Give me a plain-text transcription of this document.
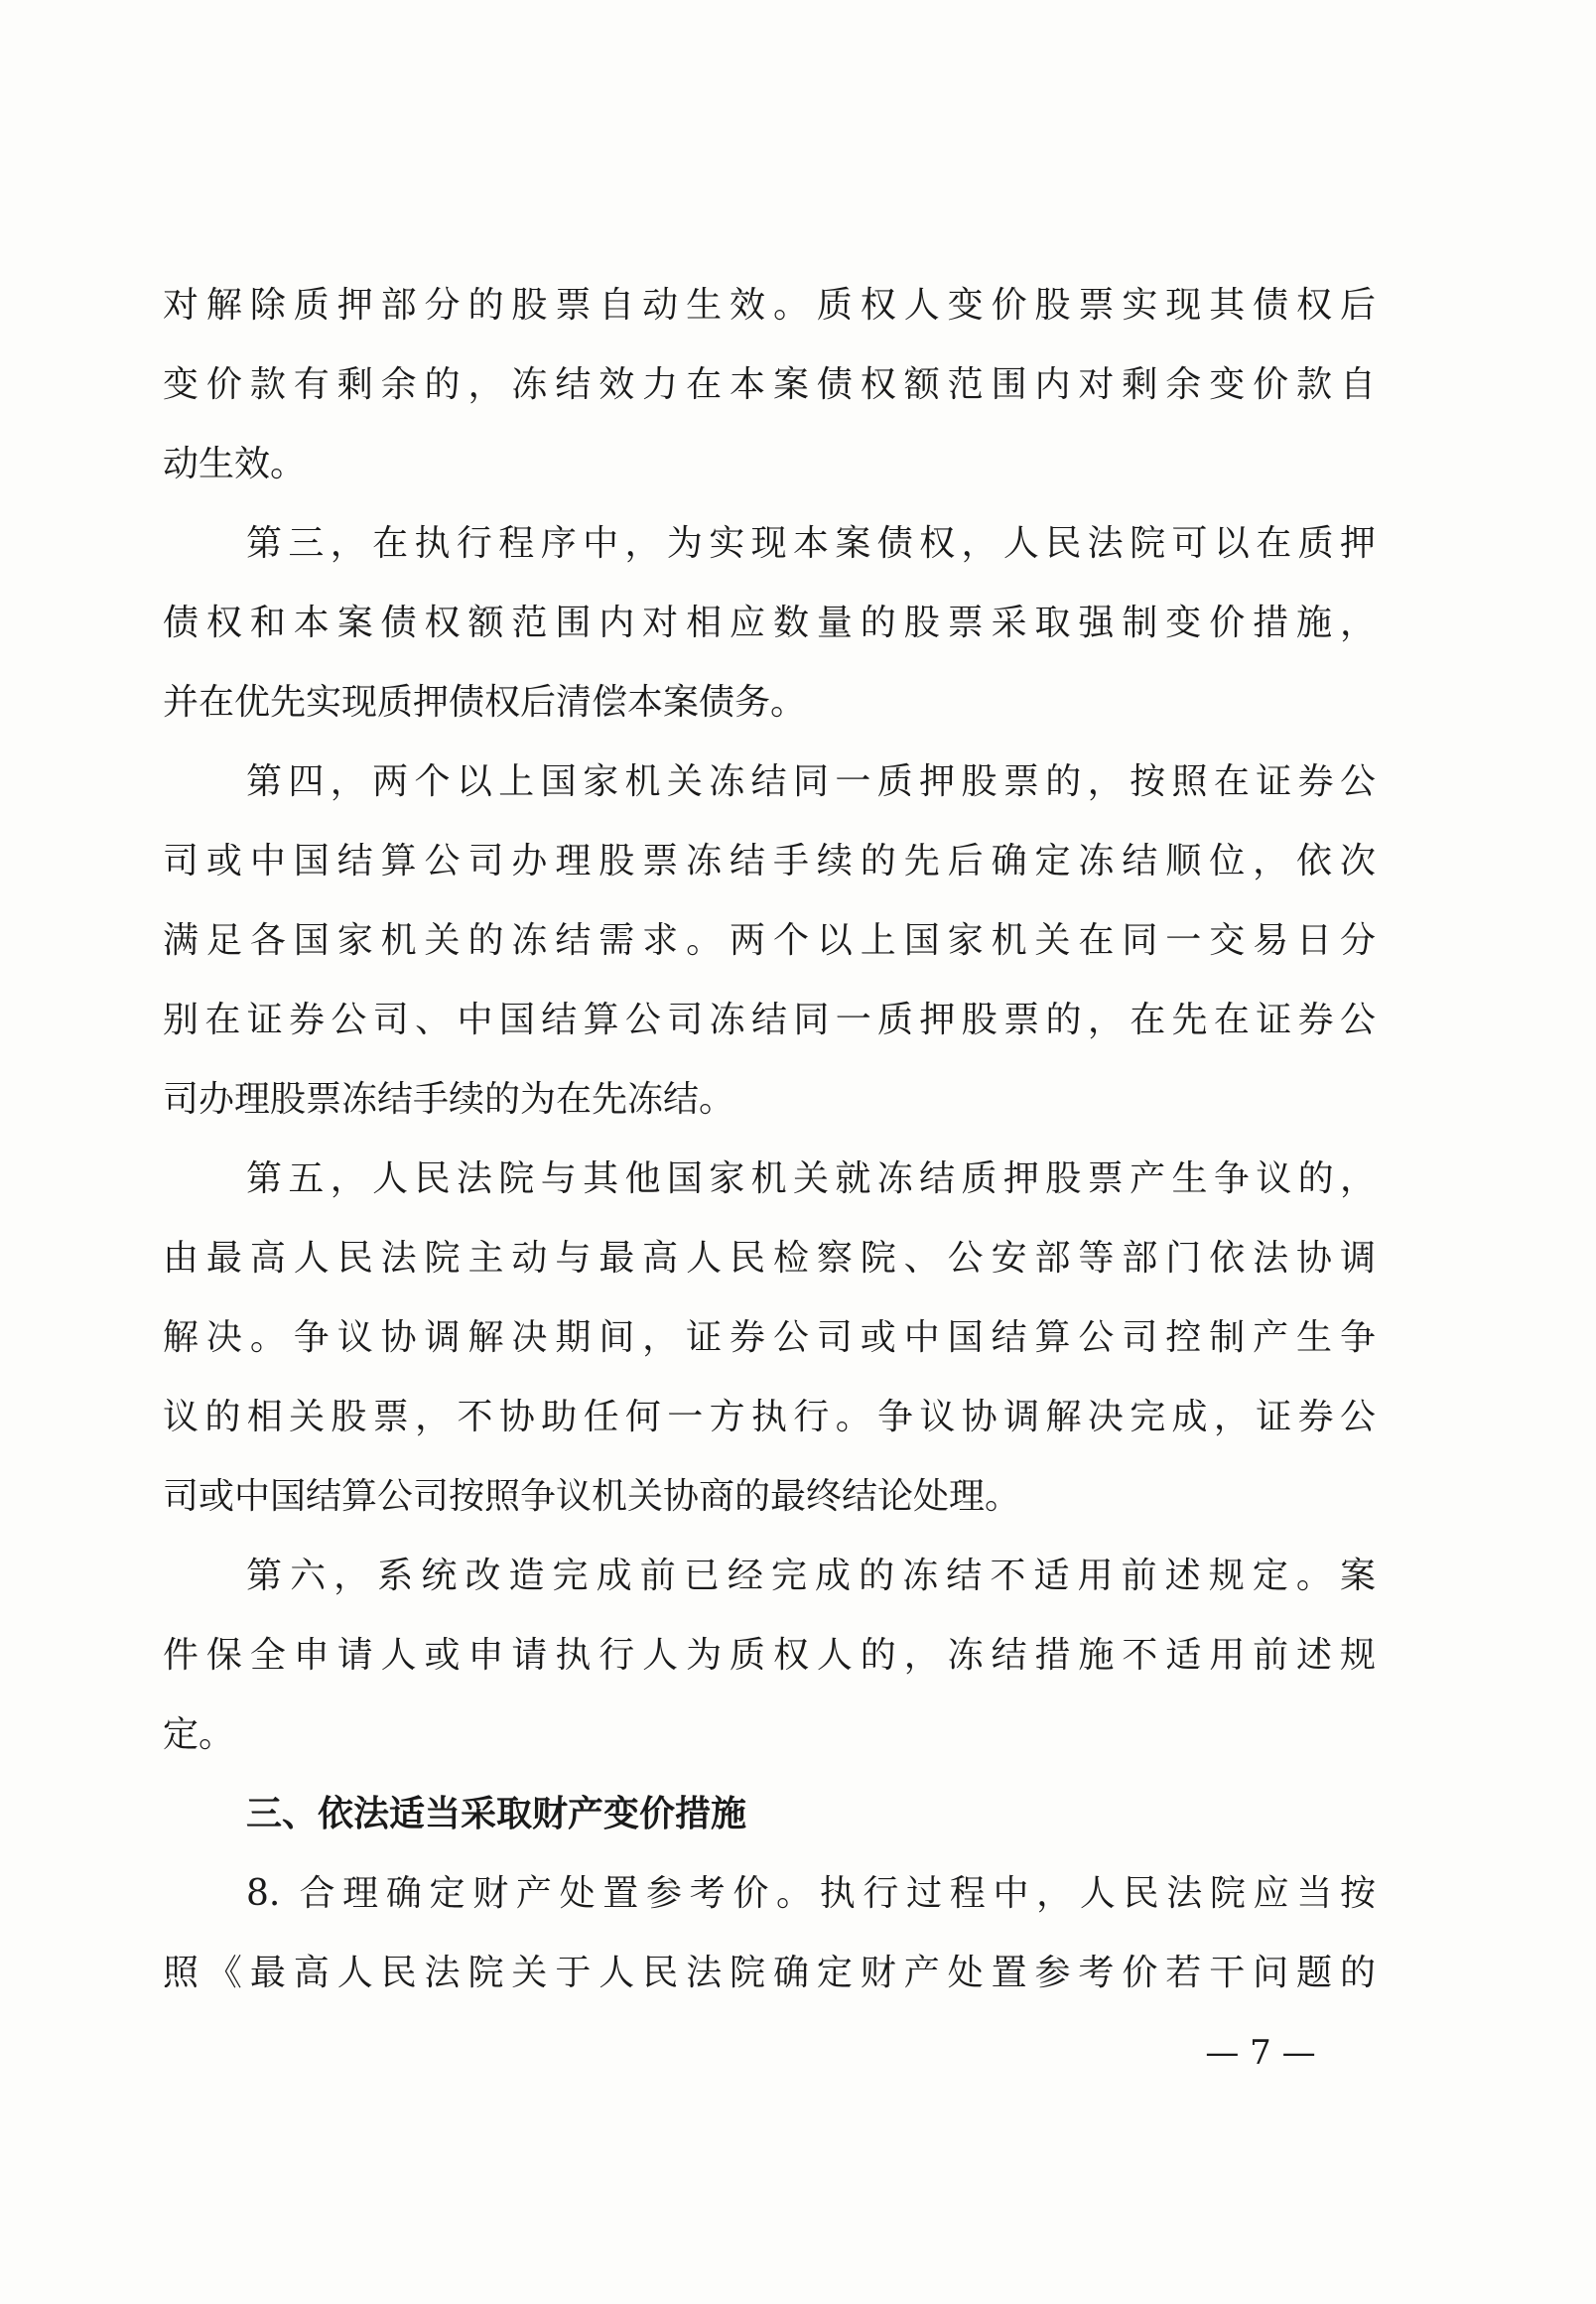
对解除质押部分的股票自动生效。质权人变价股票实现其债权后
变价款有剩余的，冻结效力在本案债权额范围内对剩余变价款自
动生效。
第三，在执行程序中，为实现本案债权，人民法院可以在质押
债权和本案债权额范围内对相应数量的股票采取强制变价措施，
并在优先实现质押债权后清偿本案债务。
第四，两个以上国家机关冻结同一质押股票的，按照在证券公
司或中国结算公司办理股票冻结手续的先后确定冻结顺位，依次
满足各国家机关的冻结需求。两个以上国家机关在同一交易日分
别在证券公司、中国结算公司冻结同一质押股票的，在先在证券公
司办理股票冻结手续的为在先冻结。
第五，人民法院与其他国家机关就冻结质押股票产生争议的，
由最高人民法院主动与最高人民检察院、公安部等部门依法协调
解决。争议协调解决期间，证券公司或中国结算公司控制产生争
议的相关股票，不协助任何一方执行。争议协调解决完成，证券公
司或中国结算公司按照争议机关协商的最终结论处理。
第六，系统改造完成前已经完成的冻结不适用前述规定。案
件保全申请人或申请执行人为质权人的，冻结措施不适用前述规
定。
三、依法适当采取财产变价措施
8. 合理确定财产处置参考价。执行过程中，人民法院应当按
照《最高人民法院关于人民法院确定财产处置参考价若干问题的
— 7 —
